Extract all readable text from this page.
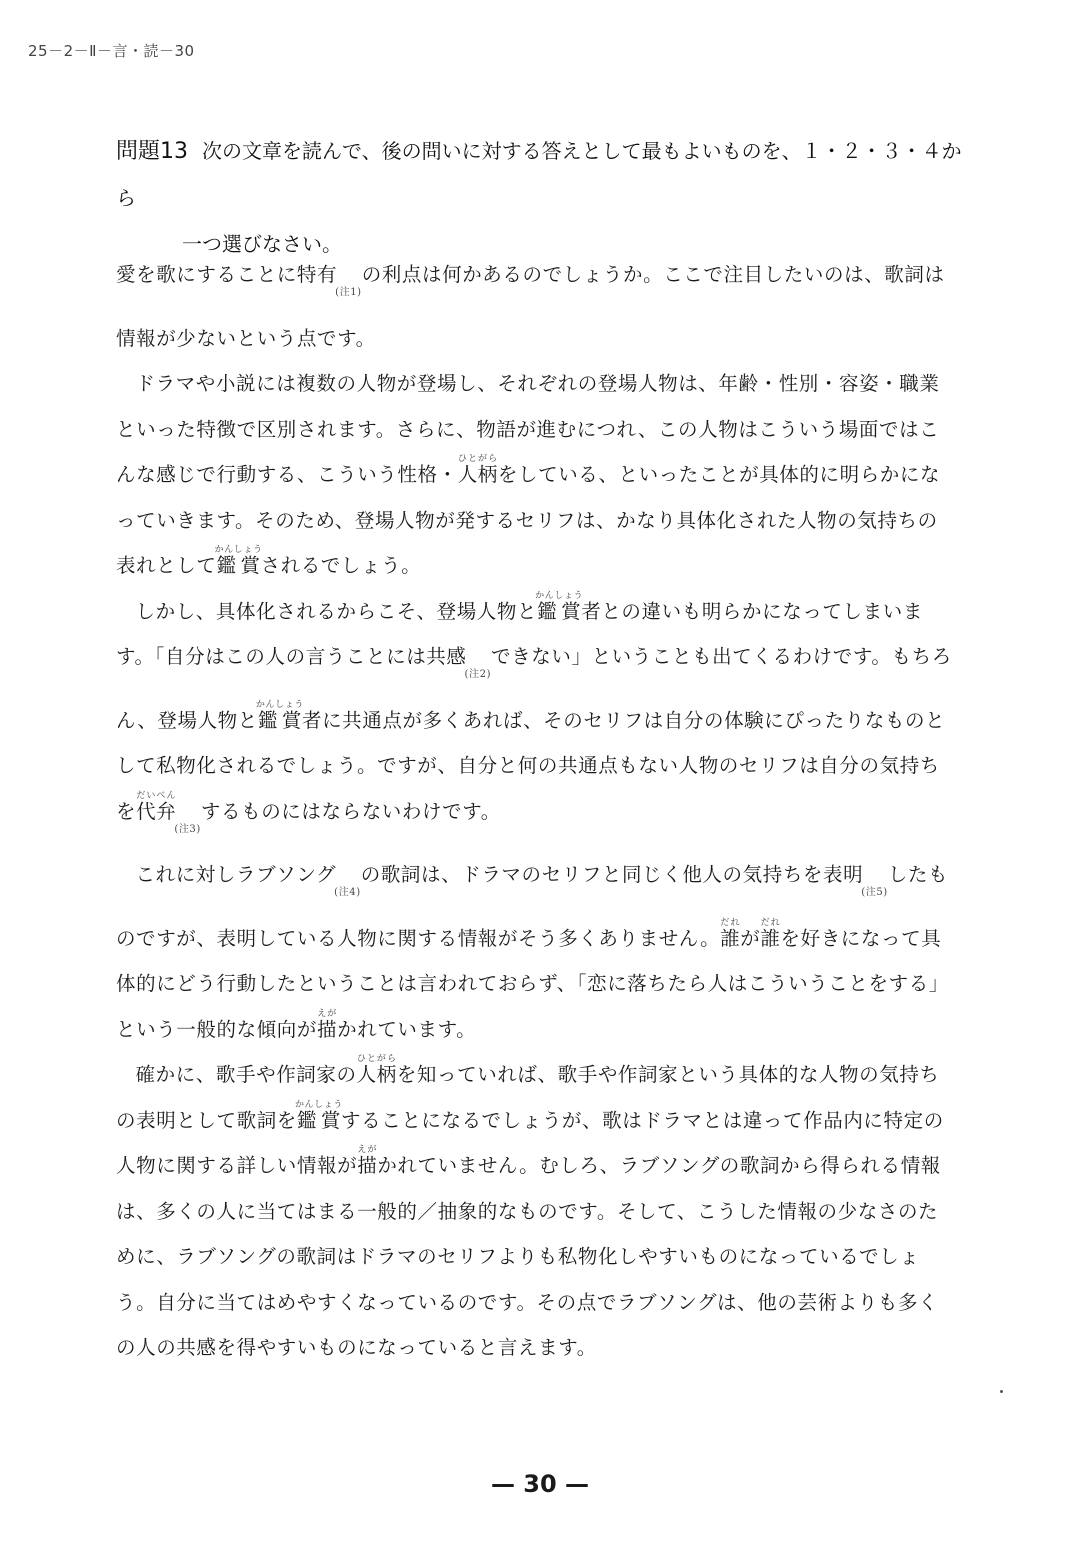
25－2－Ⅱ－言・読－30
問題13 次の文章を読んで、後の問いに対する答えとして最もよいものを、１・２・３・４から
一つ選びなさい。

愛を歌にすることに特有$_{(注1)}$の利点は何かあるのでしょうか。ここで注目したいのは、歌詞は情報が少ないという点です。

ドラマや小説には複数の人物が登場し、それぞれの登場人物は、年齢・性別・容姿・職業といった特徴で区別されます。さらに、物語が進むにつれ、この人物はこういう場面ではこんな感じで行動する、こういう性格・人柄ひとがらをしている、といったことが具体的に明らかになっていきます。そのため、登場人物が発するセリフは、かなり具体化された人物の気持ちの表れとして鑑賞かんしょうされるでしょう。

しかし、具体化されるからこそ、登場人物と鑑賞かんしょう者との違いも明らかになってしまいます。「自分はこの人の言うことには共感$_{(注2)}$できない」ということも出てくるわけです。もちろん、登場人物と鑑賞かんしょう者に共通点が多くあれば、そのセリフは自分の体験にぴったりなものとして私物化されるでしょう。ですが、自分と何の共通点もない人物のセリフは自分の気持ちを代弁だいべん$_{(注3)}$するものにはならないわけです。

これに対しラブソング$_{(注4)}$の歌詞は、ドラマのセリフと同じく他人の気持ちを表明$_{(注5)}$したものですが、表明している人物に関する情報がそう多くありません。誰だれが誰だれを好きになって具体的にどう行動したということは言われておらず、「恋に落ちたら人はこういうことをする」という一般的な傾向が描えがかれています。

確かに、歌手や作詞家の人柄ひとがらを知っていれば、歌手や作詞家という具体的な人物の気持ちの表明として歌詞を鑑賞かんしょうすることになるでしょうが、歌はドラマとは違って作品内に特定の人物に関する詳しい情報が描えがかれていません。むしろ、ラブソングの歌詞から得られる情報は、多くの人に当てはまる一般的／抽象的なものです。そして、こうした情報の少なさのために、ラブソングの歌詞はドラマのセリフよりも私物化しやすいものになっているでしょう。自分に当てはめやすくなっているのです。その点でラブソングは、他の芸術よりも多くの人の共感を得やすいものになっていると言えます。

— 30 —
